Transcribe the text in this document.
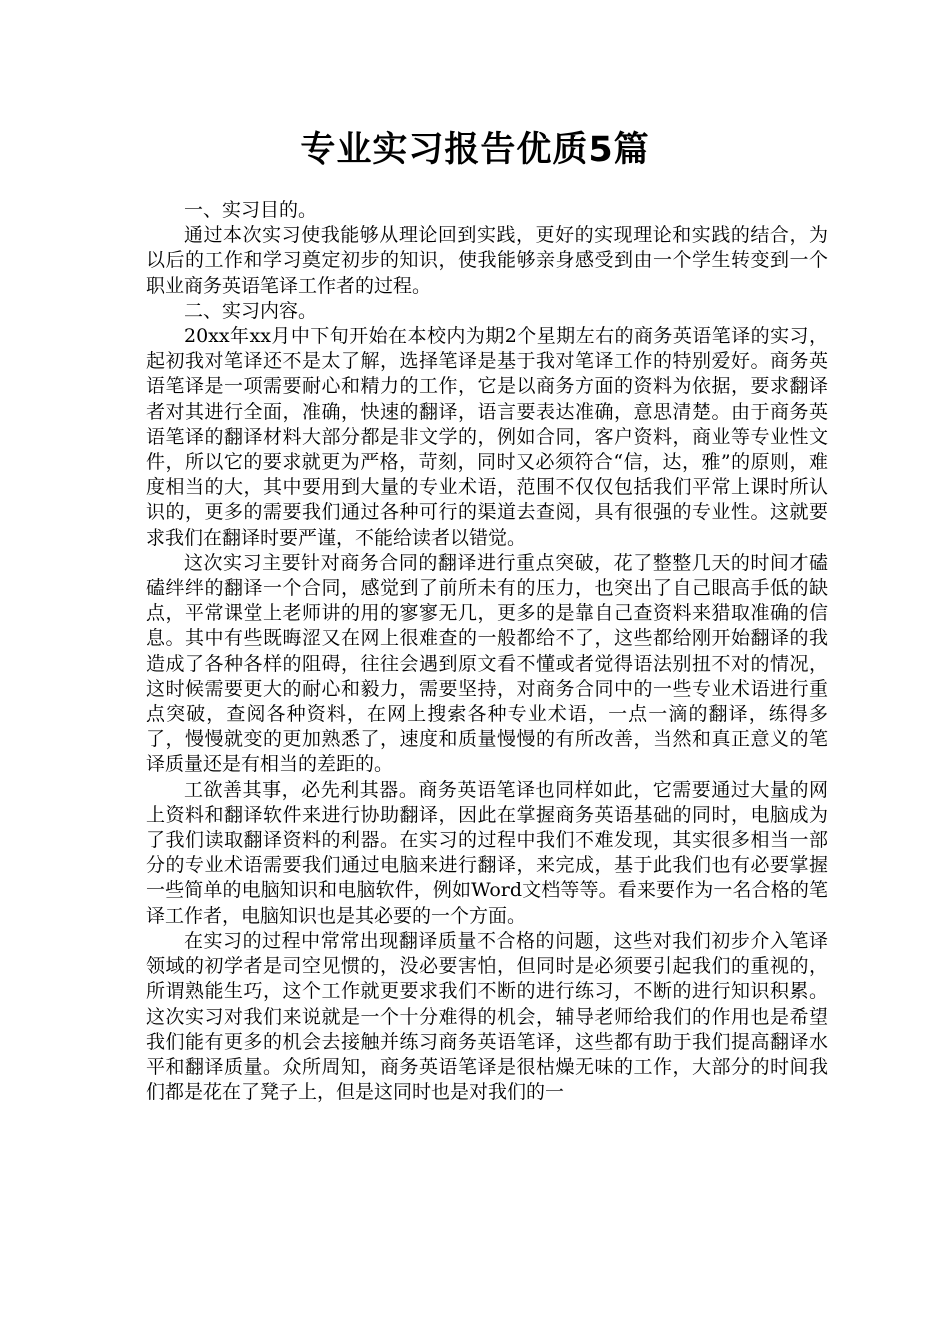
专业实习报告优质5篇

一、实习目的。

通过本次实习使我能够从理论回到实践，更好的实现理论和实践的结合，为以后的工作和学习奠定初步的知识，使我能够亲身感受到由一个学生转变到一个职业商务英语笔译工作者的过程。

二、实习内容。

20xx年xx月中下旬开始在本校内为期2个星期左右的商务英语笔译的实习，起初我对笔译还不是太了解，选择笔译是基于我对笔译工作的特别爱好。商务英语笔译是一项需要耐心和精力的工作，它是以商务方面的资料为依据，要求翻译者对其进行全面，准确，快速的翻译，语言要表达准确，意思清楚。由于商务英语笔译的翻译材料大部分都是非文学的，例如合同，客户资料，商业等专业性文件，所以它的要求就更为严格，苛刻，同时又必须符合“信，达，雅”的原则，难度相当的大，其中要用到大量的专业术语，范围不仅仅包括我们平常上课时所认识的，更多的需要我们通过各种可行的渠道去查阅，具有很强的专业性。这就要求我们在翻译时要严谨，不能给读者以错觉。

这次实习主要针对商务合同的翻译进行重点突破，花了整整几天的时间才磕磕绊绊的翻译一个合同，感觉到了前所未有的压力，也突出了自己眼高手低的缺点，平常课堂上老师讲的用的寥寥无几，更多的是靠自己查资料来猎取准确的信息。其中有些既晦涩又在网上很难查的一般都给不了，这些都给刚开始翻译的我造成了各种各样的阻碍，往往会遇到原文看不懂或者觉得语法别扭不对的情况，这时候需要更大的耐心和毅力，需要坚持，对商务合同中的一些专业术语进行重点突破，查阅各种资料，在网上搜索各种专业术语，一点一滴的翻译，练得多了，慢慢就变的更加熟悉了，速度和质量慢慢的有所改善，当然和真正意义的笔译质量还是有相当的差距的。

工欲善其事，必先利其器。商务英语笔译也同样如此，它需要通过大量的网上资料和翻译软件来进行协助翻译，因此在掌握商务英语基础的同时，电脑成为了我们读取翻译资料的利器。在实习的过程中我们不难发现，其实很多相当一部分的专业术语需要我们通过电脑来进行翻译，来完成，基于此我们也有必要掌握一些简单的电脑知识和电脑软件，例如Word文档等等。看来要作为一名合格的笔译工作者，电脑知识也是其必要的一个方面。

在实习的过程中常常出现翻译质量不合格的问题，这些对我们初步介入笔译领域的初学者是司空见惯的，没必要害怕，但同时是必须要引起我们的重视的，所谓熟能生巧，这个工作就更要求我们不断的进行练习，不断的进行知识积累。这次实习对我们来说就是一个十分难得的机会，辅导老师给我们的作用也是希望我们能有更多的机会去接触并练习商务英语笔译，这些都有助于我们提高翻译水平和翻译质量。众所周知，商务英语笔译是很枯燥无味的工作，大部分的时间我们都是花在了凳子上，但是这同时也是对我们的一
